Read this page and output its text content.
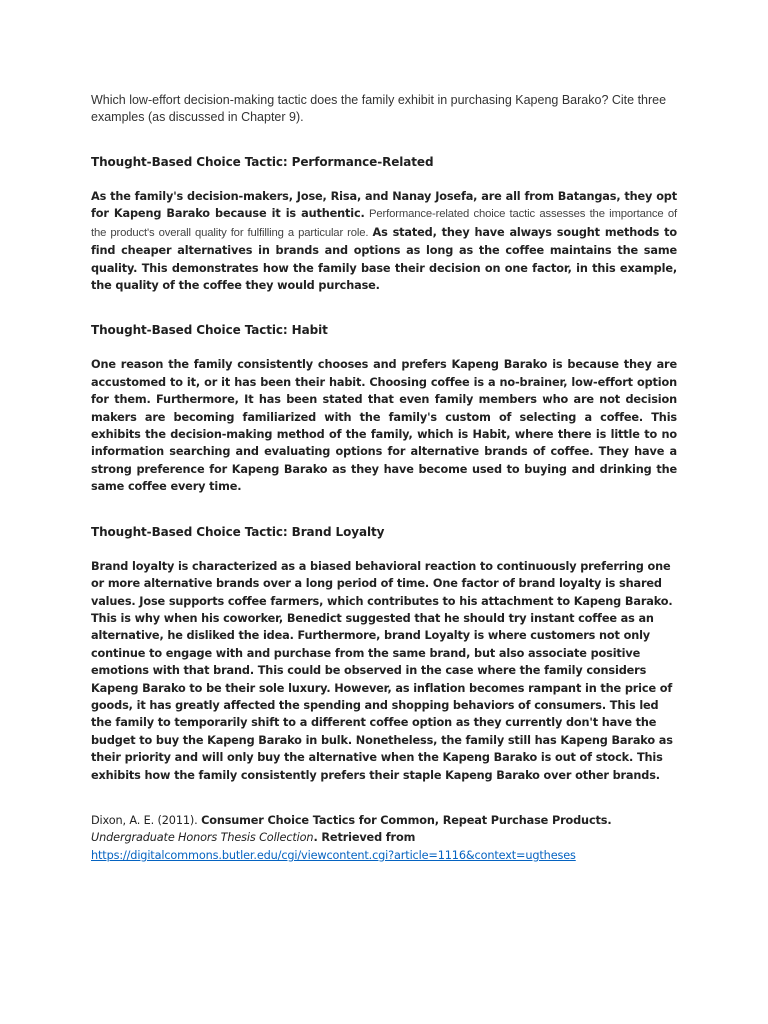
Which low-effort decision-making tactic does the family exhibit in purchasing Kapeng Barako? Cite three examples (as discussed in Chapter 9).

Thought-Based Choice Tactic: Performance-Related

As the family's decision-makers, Jose, Risa, and Nanay Josefa, are all from Batangas, they opt for Kapeng Barako because it is authentic. Performance-related choice tactic assesses the importance of the product's overall quality for fulfilling a particular role. As stated, they have always sought methods to find cheaper alternatives in brands and options as long as the coffee maintains the same quality. This demonstrates how the family base their decision on one factor, in this example, the quality of the coffee they would purchase.

Thought-Based Choice Tactic: Habit

One reason the family consistently chooses and prefers Kapeng Barako is because they are accustomed to it, or it has been their habit. Choosing coffee is a no-brainer, low-effort option for them. Furthermore, It has been stated that even family members who are not decision makers are becoming familiarized with the family's custom of selecting a coffee. This exhibits the decision-making method of the family, which is Habit, where there is little to no information searching and evaluating options for alternative brands of coffee. They have a strong preference for Kapeng Barako as they have become used to buying and drinking the same coffee every time.

Thought-Based Choice Tactic: Brand Loyalty

Brand loyalty is characterized as a biased behavioral reaction to continuously preferring one or more alternative brands over a long period of time. One factor of brand loyalty is shared values. Jose supports coffee farmers, which contributes to his attachment to Kapeng Barako. This is why when his coworker, Benedict suggested that he should try instant coffee as an alternative, he disliked the idea. Furthermore, brand Loyalty is where customers not only continue to engage with and purchase from the same brand, but also associate positive emotions with that brand. This could be observed in the case where the family considers Kapeng Barako to be their sole luxury. However, as inflation becomes rampant in the price of goods, it has greatly affected the spending and shopping behaviors of consumers. This led the family to temporarily shift to a different coffee option as they currently don't have the budget to buy the Kapeng Barako in bulk. Nonetheless, the family still has Kapeng Barako as their priority and will only buy the alternative when the Kapeng Barako is out of stock. This exhibits how the family consistently prefers their staple Kapeng Barako over other brands.

Dixon, A. E. (2011). Consumer Choice Tactics for Common, Repeat Purchase Products. Undergraduate Honors Thesis Collection. Retrieved from https://digitalcommons.butler.edu/cgi/viewcontent.cgi?article=1116&context=ugtheses
